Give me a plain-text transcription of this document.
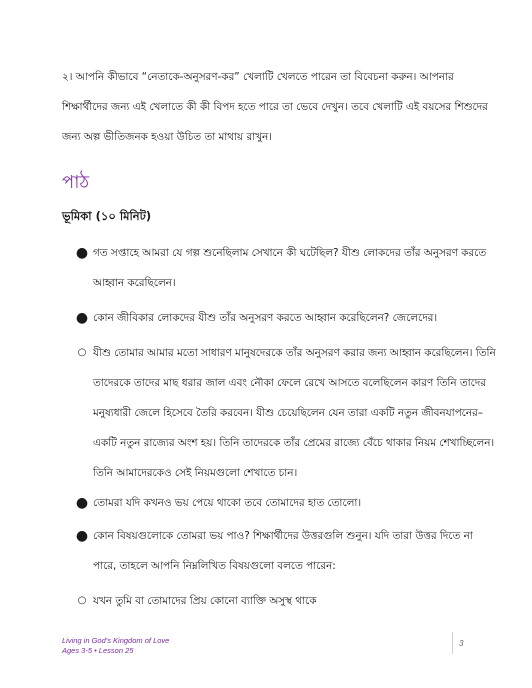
২। আপনি কীভাবে “নেতাকে-অনুসরণ-কর” খেলাটি খেলতে পারেন তা বিবেচনা করুন। আপনার
শিক্ষার্থীদের জন্য এই খেলাতে কী কী বিপদ হতে পারে তা ভেবে দেখুন। তবে খেলাটি এই বয়সের শিশুদের
জন্য অল্প ভীতিজনক হওয়া উচিত তা মাথায় রাখুন।
পাঠ
ভূমিকা (১০ মিনিট)
● গত সপ্তাহে আমরা যে গল্প শুনেছিলাম সেখানে কী ঘটেছিল? যীশু লোকদের তাঁর অনুসরণ করতে
আহ্বান করেছিলেন।
● কোন জীবিকার লোকদের যীশু তাঁর অনুসরণ করতে আহ্বান করেছিলেন? জেলেদের।
○ যীশু তোমার আমার মতো সাধারণ মানুষদেরকে তাঁর অনুসরণ করার জন্য আহ্বান করেছিলেন। তিনি
তাদেরকে তাদের মাছ ধরার জাল এবং নৌকা ফেলে রেখে আসতে বলেছিলেন কারণ তিনি তাদের
মনুষ্যধারী জেলে হিসেবে তৈরি করবেন। যীশু চেয়েছিলেন যেন তারা একটি নতুন জীবনযাপনের–
একটি নতুন রাজ্যের অংশ হয়। তিনি তাদেরকে তাঁর প্রেমের রাজ্যে বেঁচে থাকার নিয়ম শেখাচ্ছিলেন।
তিনি আমাদেরকেও সেই নিয়মগুলো শেখাতে চান।
● তোমরা যদি কখনও ভয় পেয়ে থাকো তবে তোমাদের হাত তোলো।
● কোন বিষয়গুলোকে তোমরা ভয় পাও? শিক্ষার্থীদের উত্তরগুলি শুনুন। যদি তারা উত্তর দিতে না
পারে, তাহলে আপনি নিম্নলিখিত বিষয়গুলো বলতে পারেন:
○ যখন তুমি বা তোমাদের প্রিয় কোনো ব্যাক্তি অসুস্থ থাকে
Living in God's Kingdom of Love
Ages 3-5 • Lesson 25
3
